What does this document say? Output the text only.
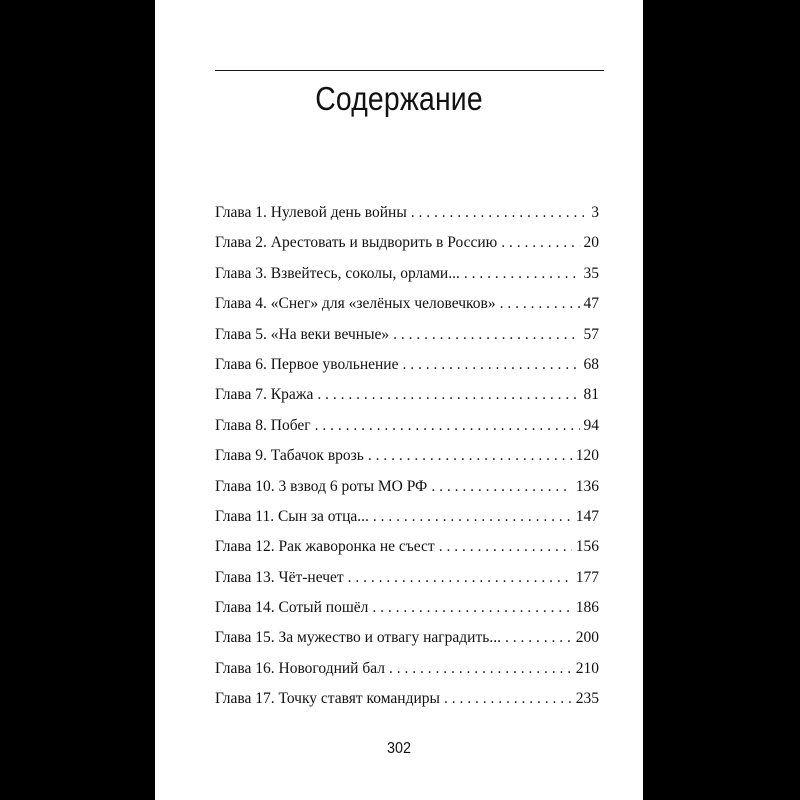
Содержание
Глава 1. Нулевой день войны . . .	3
Глава 2. Арестовать и выдворить в Россию . . .	20
Глава 3. Взвейтесь, соколы, орлами... . . .	35
Глава 4. «Снег» для «зелёных человечков» . . .	47
Глава 5. «На веки вечные» . . .	57
Глава 6. Первое увольнение . . .	68
Глава 7. Кража . . .	81
Глава 8. Побег . . .	94
Глава 9. Табачок врозь . . .	120
Глава 10. 3 взвод 6 роты МО РФ . . .	136
Глава 11. Сын за отца... . . .	147
Глава 12. Рак жаворонка не съест . . .	156
Глава 13. Чёт-нечет . . .	177
Глава 14. Сотый пошёл . . .	186
Глава 15. За мужество и отвагу наградить... . . .	200
Глава 16. Новогодний бал . . .	210
Глава 17. Точку ставят командиры . . .	235
302
